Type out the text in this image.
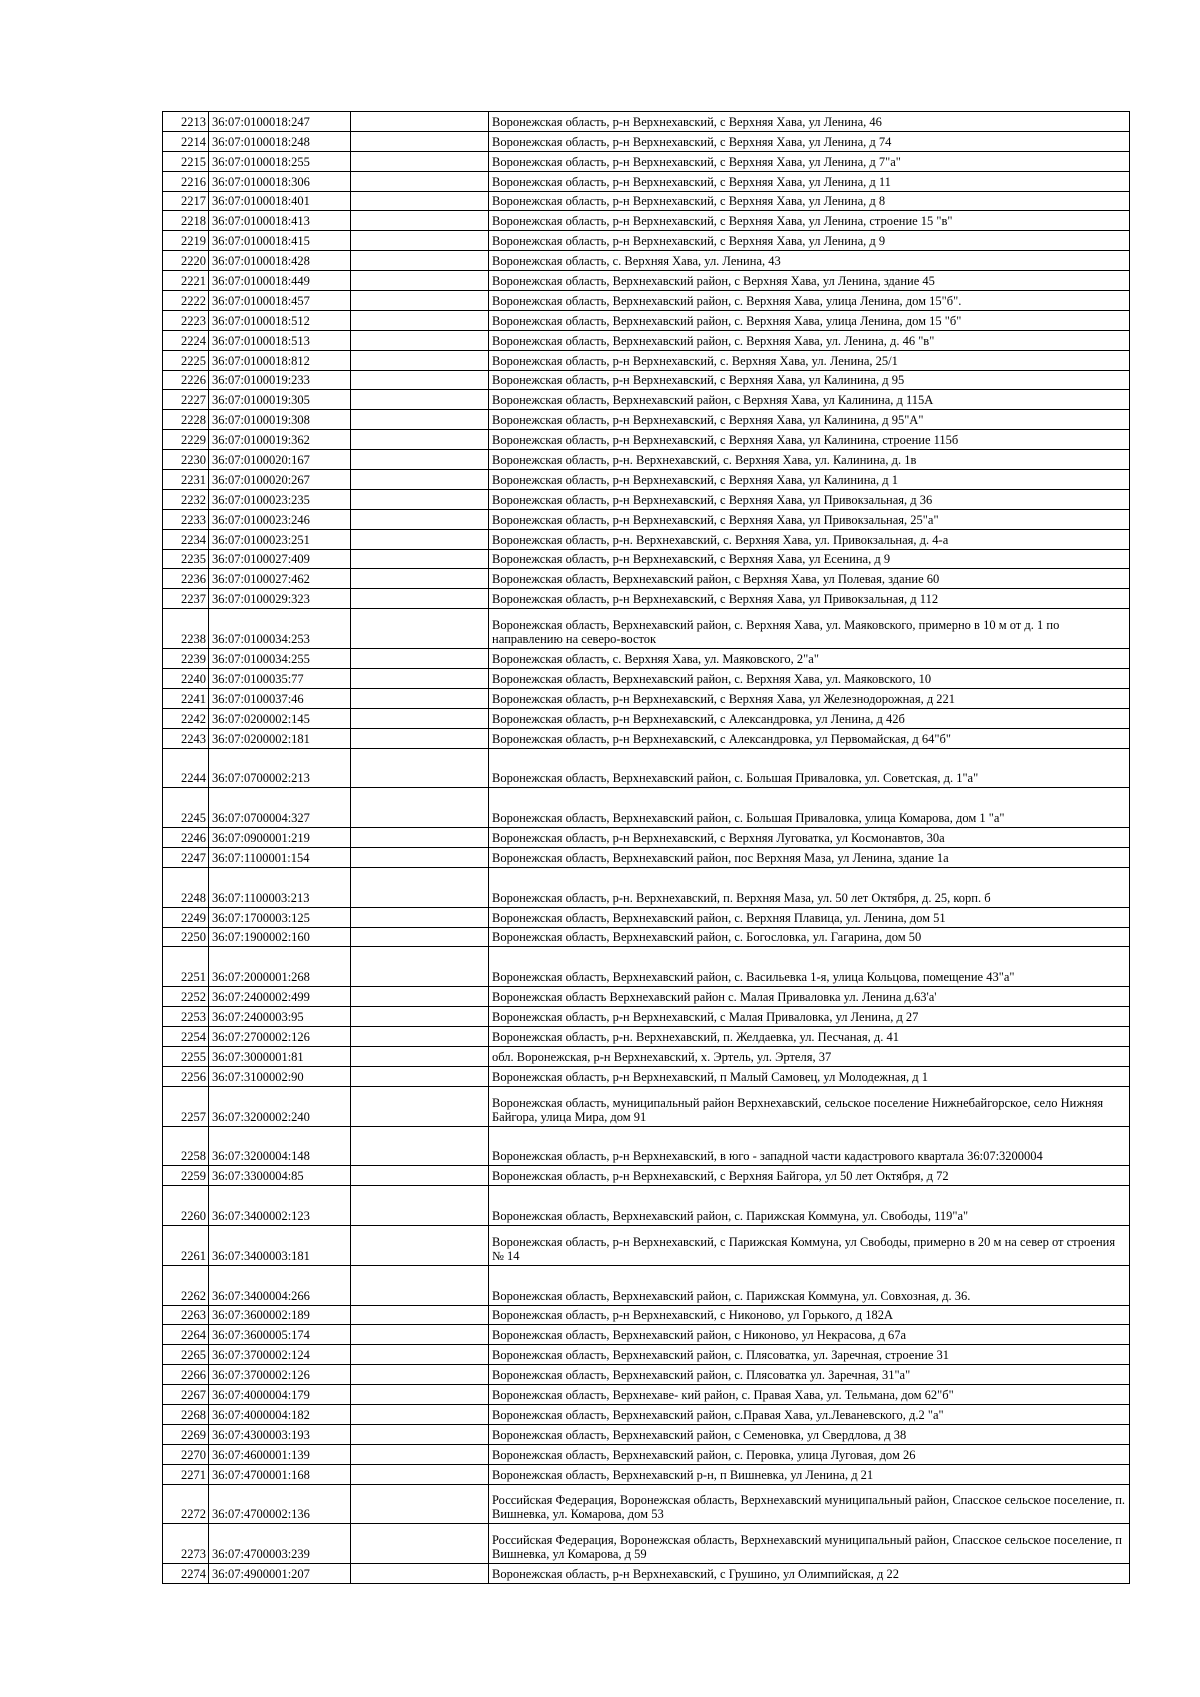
2213	36:07:0100018:247		Воронежская область, р-н Верхнехавский, с Верхняя Хава, ул Ленина, 46
2214	36:07:0100018:248		Воронежская область, р-н Верхнехавский, с Верхняя Хава, ул Ленина, д 74
2215	36:07:0100018:255		Воронежская область, р-н Верхнехавский, с Верхняя Хава, ул Ленина, д 7"а"
2216	36:07:0100018:306		Воронежская область, р-н Верхнехавский, с Верхняя Хава, ул Ленина, д 11
2217	36:07:0100018:401		Воронежская область, р-н Верхнехавский, с Верхняя Хава, ул Ленина, д 8
2218	36:07:0100018:413		Воронежская область, р-н Верхнехавский, с Верхняя Хава, ул Ленина, строение 15 "в"
2219	36:07:0100018:415		Воронежская область, р-н Верхнехавский, с Верхняя Хава, ул Ленина, д 9
2220	36:07:0100018:428		Воронежская область, с. Верхняя Хава, ул. Ленина, 43
2221	36:07:0100018:449		Воронежская область, Верхнехавский район, с Верхняя Хава, ул Ленина, здание 45
2222	36:07:0100018:457		Воронежская область, Верхнехавский район, с. Верхняя Хава, улица Ленина, дом 15"б".
2223	36:07:0100018:512		Воронежская область, Верхнехавский район, с. Верхняя Хава, улица Ленина, дом 15 "б"
2224	36:07:0100018:513		Воронежская область, Верхнехавский район, с. Верхняя Хава, ул. Ленина, д. 46 "в"
2225	36:07:0100018:812		Воронежская область, р-н Верхнехавский, с. Верхняя Хава, ул. Ленина, 25/1
2226	36:07:0100019:233		Воронежская область, р-н Верхнехавский, с Верхняя Хава, ул Калинина, д 95
2227	36:07:0100019:305		Воронежская область, Верхнехавский район, с Верхняя Хава, ул Калинина, д 115А
2228	36:07:0100019:308		Воронежская область, р-н Верхнехавский, с Верхняя Хава, ул Калинина, д 95"А"
2229	36:07:0100019:362		Воронежская область, р-н Верхнехавский, с Верхняя Хава, ул Калинина, строение 115б
2230	36:07:0100020:167		Воронежская область, р-н. Верхнехавский, с. Верхняя Хава, ул. Калинина, д. 1в
2231	36:07:0100020:267		Воронежская область, р-н Верхнехавский, с Верхняя Хава, ул Калинина, д 1
2232	36:07:0100023:235		Воронежская область, р-н Верхнехавский, с Верхняя Хава, ул Привокзальная, д 36
2233	36:07:0100023:246		Воронежская область, р-н Верхнехавский, с Верхняя Хава, ул Привокзальная, 25"а"
2234	36:07:0100023:251		Воронежская область, р-н. Верхнехавский, с. Верхняя Хава, ул. Привокзальная, д. 4-а
2235	36:07:0100027:409		Воронежская область, р-н Верхнехавский, с Верхняя Хава, ул Есенина, д 9
2236	36:07:0100027:462		Воронежская область, Верхнехавский район, с Верхняя Хава, ул Полевая, здание 60
2237	36:07:0100029:323		Воронежская область, р-н Верхнехавский, с Верхняя Хава, ул Привокзальная, д 112
2238	36:07:0100034:253		Воронежская область, Верхнехавский район, с. Верхняя Хава, ул. Маяковского, примерно в 10 м от д. 1 по направлению на северо-восток
2239	36:07:0100034:255		Воронежская область, с. Верхняя Хава, ул. Маяковского, 2"а"
2240	36:07:0100035:77		Воронежская область, Верхнехавский район, с. Верхняя Хава, ул. Маяковского, 10
2241	36:07:0100037:46		Воронежская область, р-н Верхнехавский, с Верхняя Хава, ул Железнодорожная, д 221
2242	36:07:0200002:145		Воронежская область, р-н Верхнехавский, с Александровка, ул Ленина, д 42б
2243	36:07:0200002:181		Воронежская область, р-н Верхнехавский, с Александровка, ул Первомайская, д 64"б"
2244	36:07:0700002:213		Воронежская область, Верхнехавский район, с. Большая Приваловка, ул. Советская, д. 1"а"
2245	36:07:0700004:327		Воронежская область, Верхнехавский район, с. Большая Приваловка, улица Комарова, дом 1 "а"
2246	36:07:0900001:219		Воронежская область, р-н Верхнехавский, с Верхняя Луговатка, ул Космонавтов, 30а
2247	36:07:1100001:154		Воронежская область, Верхнехавский район, пос Верхняя Маза, ул Ленина, здание 1а
2248	36:07:1100003:213		Воронежская область, р-н. Верхнехавский, п. Верхняя Маза, ул. 50 лет Октября, д. 25, корп. б
2249	36:07:1700003:125		Воронежская область, Верхнехавский район, с. Верхняя Плавица, ул. Ленина, дом 51
2250	36:07:1900002:160		Воронежская область, Верхнехавский район, с. Богословка, ул. Гагарина, дом 50
2251	36:07:2000001:268		Воронежская область, Верхнехавский район, с. Васильевка 1-я, улица Кольцова, помещение 43"а"
2252	36:07:2400002:499		Воронежская область Верхнехавский район с. Малая Приваловка ул. Ленина д.63'а'
2253	36:07:2400003:95		Воронежская область, р-н Верхнехавский, с Малая Приваловка, ул Ленина, д 27
2254	36:07:2700002:126		Воронежская область, р-н. Верхнехавский, п. Желдаевка, ул. Песчаная, д. 41
2255	36:07:3000001:81		обл. Воронежская, р-н Верхнехавский, х. Эртель, ул. Эртеля, 37
2256	36:07:3100002:90		Воронежская область, р-н Верхнехавский, п Малый Самовец, ул Молодежная, д 1
2257	36:07:3200002:240		Воронежская область, муниципальный район Верхнехавский, сельское поселение Нижнебайгорское, село Нижняя Байгора, улица Мира, дом 91
2258	36:07:3200004:148		Воронежская область, р-н Верхнехавский, в юго - западной части кадастрового квартала 36:07:3200004
2259	36:07:3300004:85		Воронежская область, р-н Верхнехавский, с Верхняя Байгора, ул 50 лет Октября, д 72
2260	36:07:3400002:123		Воронежская область, Верхнехавский район, с. Парижская Коммуна, ул. Свободы, 119"а"
2261	36:07:3400003:181		Воронежская область, р-н Верхнехавский, с Парижская Коммуна, ул Свободы, примерно в 20 м на север от строения № 14
2262	36:07:3400004:266		Воронежская область, Верхнехавский район, с. Парижская Коммуна, ул. Совхозная, д. 36.
2263	36:07:3600002:189		Воронежская область, р-н Верхнехавский, с Никоново, ул Горького, д 182А
2264	36:07:3600005:174		Воронежская область, Верхнехавский район, с Никоново, ул Некрасова, д 67а
2265	36:07:3700002:124		Воронежская область, Верхнехавский район, с. Плясоватка, ул. Заречная, строение 31
2266	36:07:3700002:126		Воронежская область, Верхнехавский район, с. Плясоватка ул. Заречная, 31"а"
2267	36:07:4000004:179		Воронежская область, Верхнехаве- кий район, с. Правая Хава, ул. Тельмана, дом 62"б"
2268	36:07:4000004:182		Воронежская область, Верхнехавский район, с.Правая Хава, ул.Леваневского, д.2 "а"
2269	36:07:4300003:193		Воронежская область, Верхнехавский район, с Семеновка, ул Свердлова, д 38
2270	36:07:4600001:139		Воронежская область, Верхнехавский район, с. Перовка, улица Луговая, дом 26
2271	36:07:4700001:168		Воронежская область, Верхнехавский р-н, п Вишневка, ул Ленина, д 21
2272	36:07:4700002:136		Российская Федерация, Воронежская область, Верхнехавский муниципальный район, Спасское сельское поселение, п. Вишневка, ул. Комарова, дом 53
2273	36:07:4700003:239		Российская Федерация, Воронежская область, Верхнехавский муниципальный район, Спасское сельское поселение, п Вишневка, ул Комарова, д 59
2274	36:07:4900001:207		Воронежская область, р-н Верхнехавский, с Грушино, ул Олимпийская, д 22
